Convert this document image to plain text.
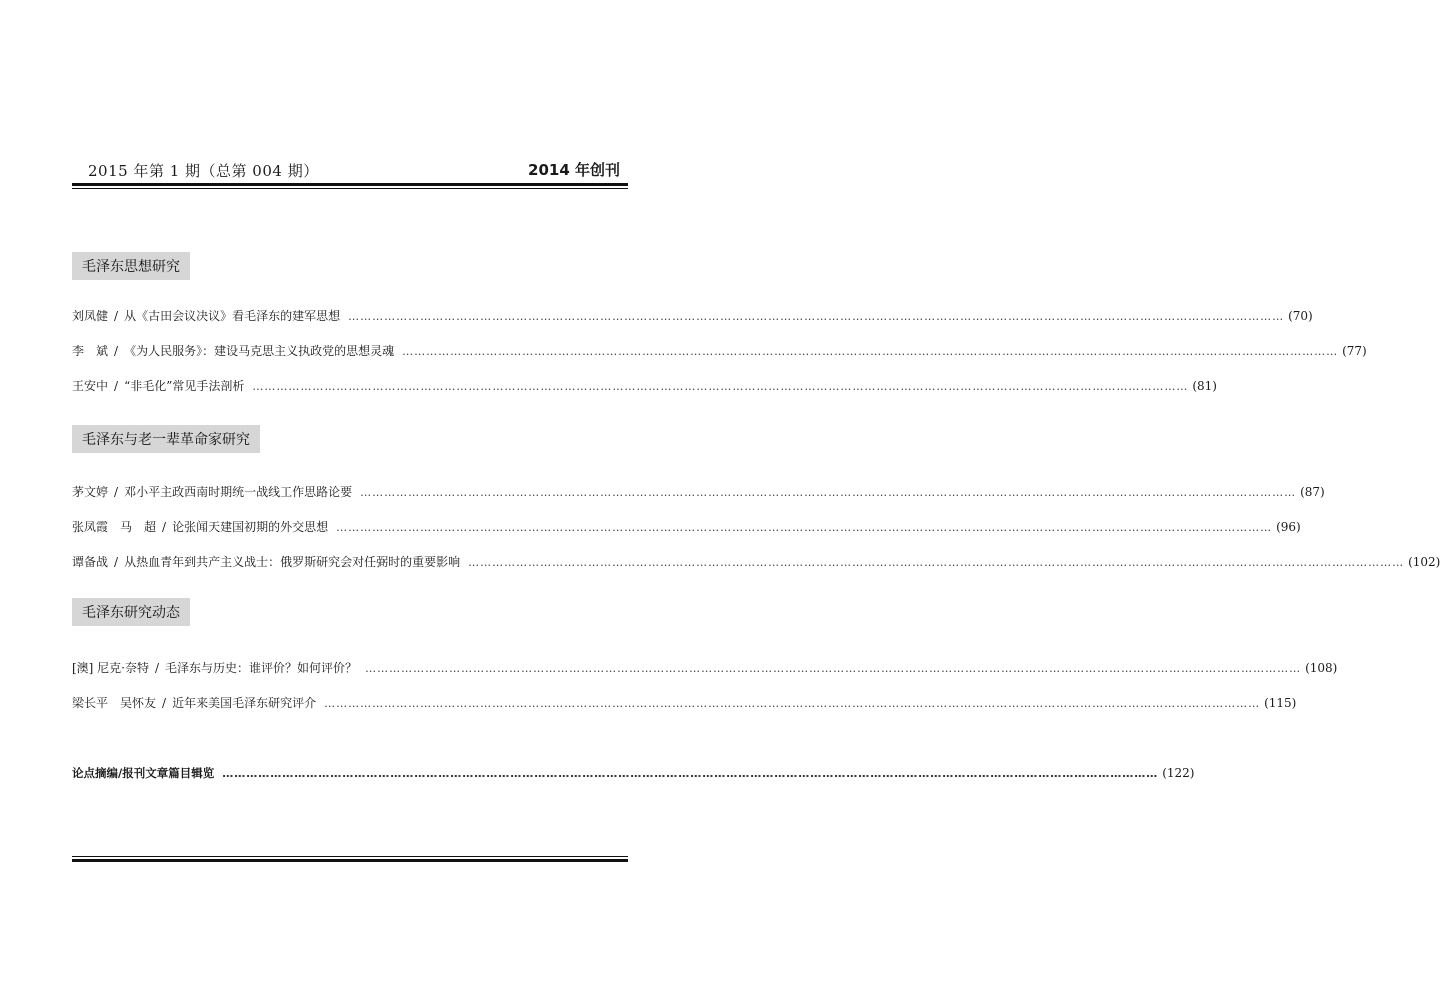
2015 年第 1 期（总第 004 期）	2014 年创刊
毛泽东思想研究
刘凤健 / 从《古田会议决议》看毛泽东的建军思想 ……………………………………………………………………………………………………………………………………………………………………………………………………………… (70)
李　斌 / 《为人民服务》：建设马克思主义执政党的思想灵魂 ……………………………………………………………………………………………………………………………………………………………………………………………………………… (77)
王安中 / “非毛化”常见手法剖析 ……………………………………………………………………………………………………………………………………………………………………………………………………………… (81)
毛泽东与老一辈革命家研究
茅文婷 / 邓小平主政西南时期统一战线工作思路论要 ……………………………………………………………………………………………………………………………………………………………………………………………………………… (87)
张凤霞　马　超 / 论张闻天建国初期的外交思想 ……………………………………………………………………………………………………………………………………………………………………………………………………………… (96)
谭备战 / 从热血青年到共产主义战士：俄罗斯研究会对任弼时的重要影响 ……………………………………………………………………………………………………………………………………………………………………………………………………………… (102)
毛泽东研究动态
[澳] 尼克·奈特 / 毛泽东与历史：谁评价？如何评价？ ……………………………………………………………………………………………………………………………………………………………………………………………………………… (108)
梁长平　吴怀友 / 近年来美国毛泽东研究评介 ……………………………………………………………………………………………………………………………………………………………………………………………………………… (115)
论点摘编/报刊文章篇目辑览 ……………………………………………………………………………………………………………………………………………………………………………………………………………… (122)
